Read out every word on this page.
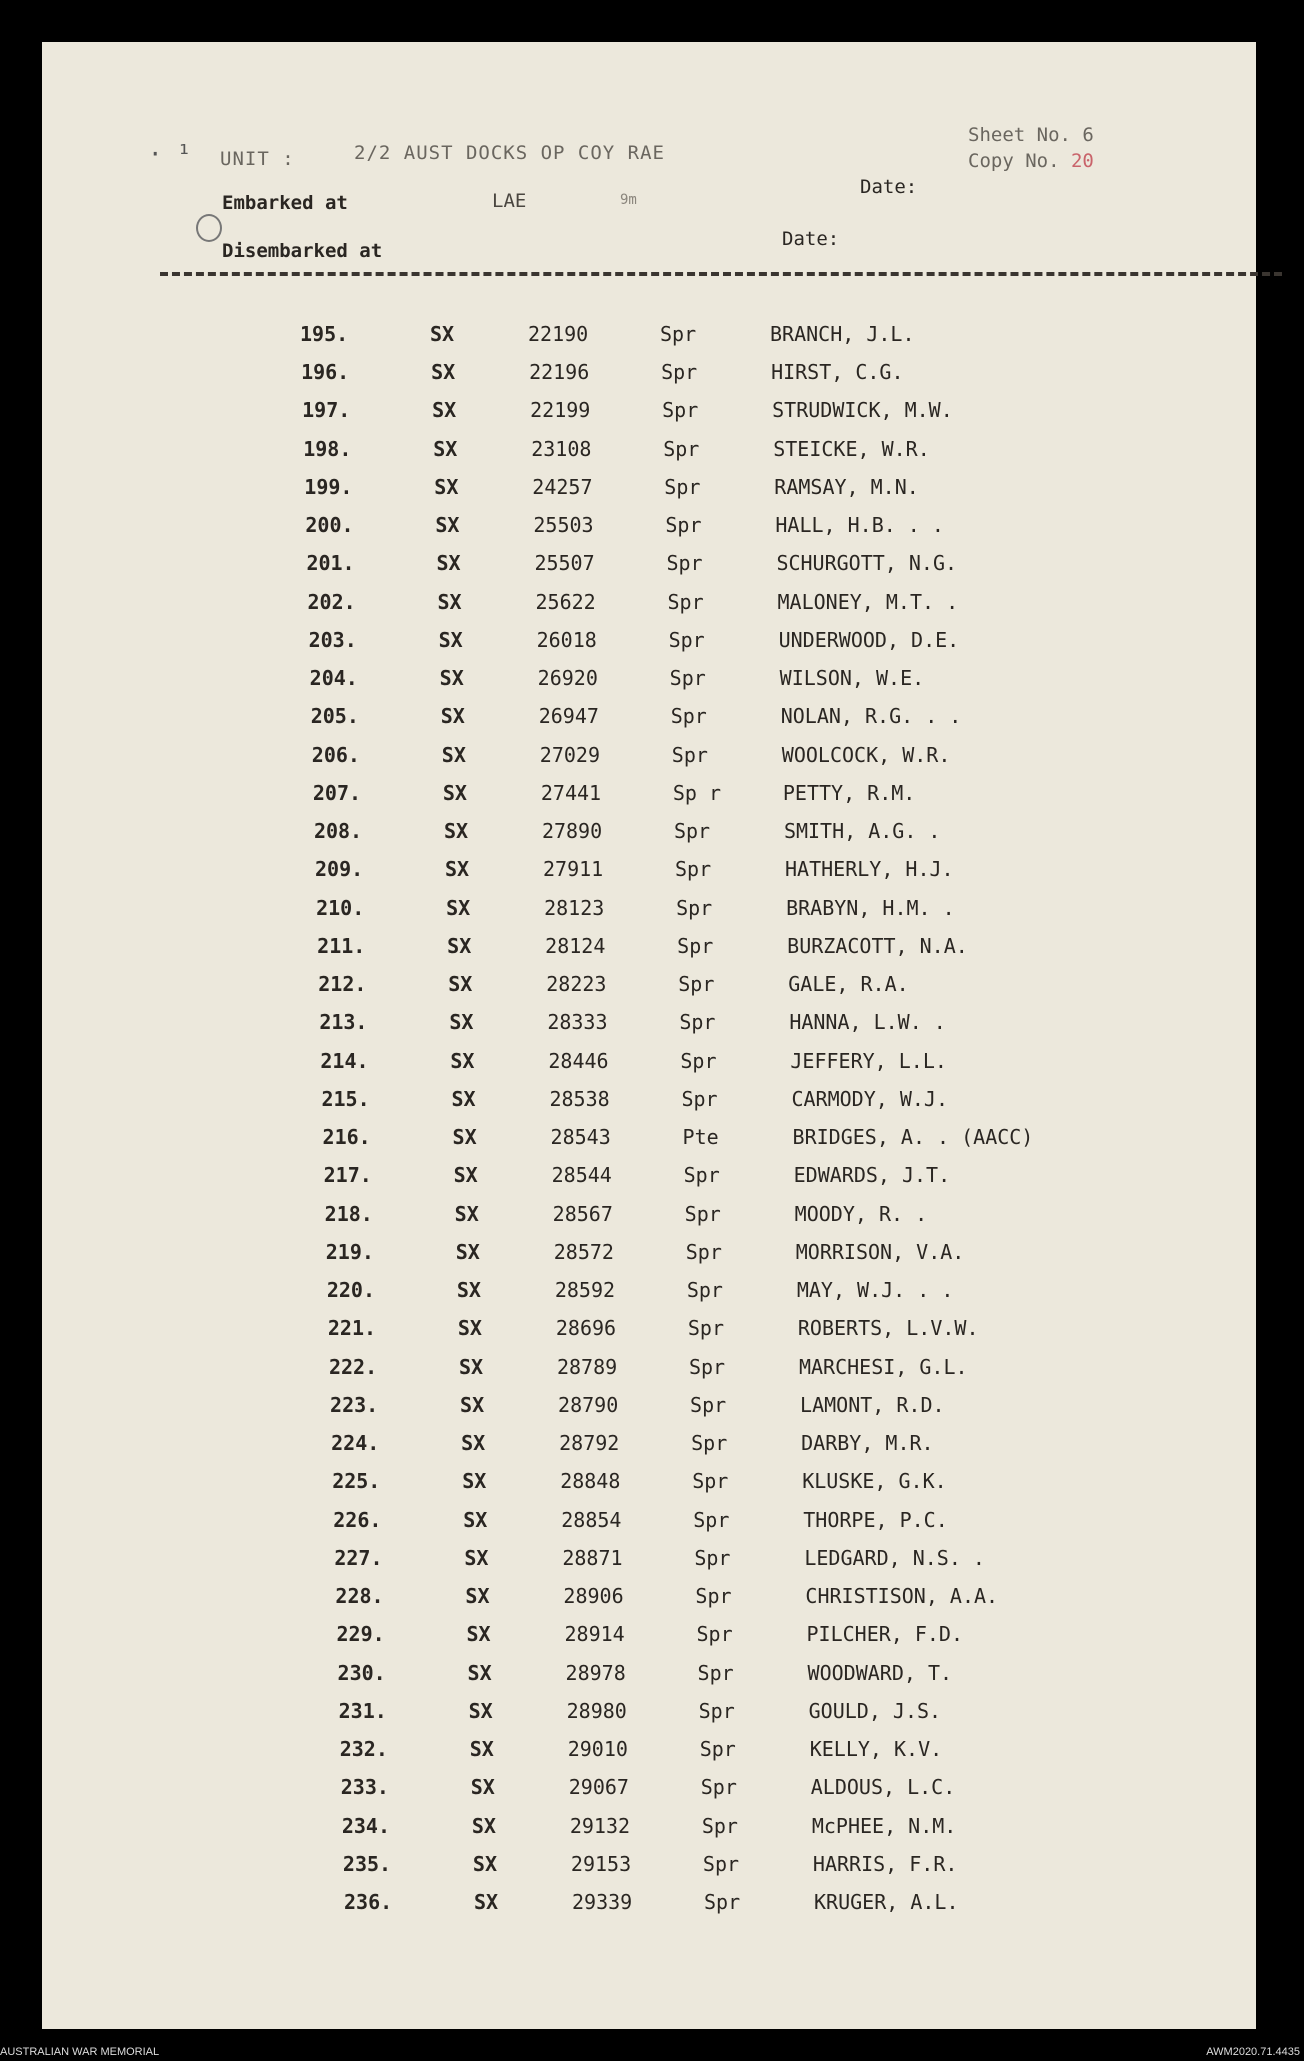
· ¹ UNIT :	2/2 AUST DOCKS OP COY RAE
Sheet No. 6
Copy No. 20
Embarked at	LAE	9m
Date:
Disembarked at
Date:
195.	SX	22190	Spr	BRANCH, J.L.
196.	SX	22196	Spr	HIRST, C.G.
197.	SX	22199	Spr	STRUDWICK, M.W.
198.	SX	23108	Spr	STEICKE, W.R.
199.	SX	24257	Spr	RAMSAY, M.N.
200.	SX	25503	Spr	HALL, H.B. . .
201.	SX	25507	Spr	SCHURGOTT, N.G.
202.	SX	25622	Spr	MALONEY, M.T. .
203.	SX	26018	Spr	UNDERWOOD, D.E.
204.	SX	26920	Spr	WILSON, W.E.
205.	SX	26947	Spr	NOLAN, R.G. . .
206.	SX	27029	Spr	WOOLCOCK, W.R.
207.	SX	27441	Sp r	PETTY, R.M.
208.	SX	27890	Spr	SMITH, A.G. .
209.	SX	27911	Spr	HATHERLY, H.J.
210.	SX	28123	Spr	BRABYN, H.M. .
211.	SX	28124	Spr	BURZACOTT, N.A.
212.	SX	28223	Spr	GALE, R.A.
213.	SX	28333	Spr	HANNA, L.W. .
214.	SX	28446	Spr	JEFFERY, L.L.
215.	SX	28538	Spr	CARMODY, W.J.
216.	SX	28543	Pte	BRIDGES, A. . (AACC)
217.	SX	28544	Spr	EDWARDS, J.T.
218.	SX	28567	Spr	MOODY, R. .
219.	SX	28572	Spr	MORRISON, V.A.
220.	SX	28592	Spr	MAY, W.J. . .
221.	SX	28696	Spr	ROBERTS, L.V.W.
222.	SX	28789	Spr	MARCHESI, G.L.
223.	SX	28790	Spr	LAMONT, R.D.
224.	SX	28792	Spr	DARBY, M.R.
225.	SX	28848	Spr	KLUSKE, G.K.
226.	SX	28854	Spr	THORPE, P.C.
227.	SX	28871	Spr	LEDGARD, N.S. .
228.	SX	28906	Spr	CHRISTISON, A.A.
229.	SX	28914	Spr	PILCHER, F.D.
230.	SX	28978	Spr	WOODWARD, T.
231.	SX	28980	Spr	GOULD, J.S.
232.	SX	29010	Spr	KELLY, K.V.
233.	SX	29067	Spr	ALDOUS, L.C.
234.	SX	29132	Spr	McPHEE, N.M.
235.	SX	29153	Spr	HARRIS, F.R.
236.	SX	29339	Spr	KRUGER, A.L.
AUSTRALIAN WAR MEMORIAL	AWM2020.71.4435
